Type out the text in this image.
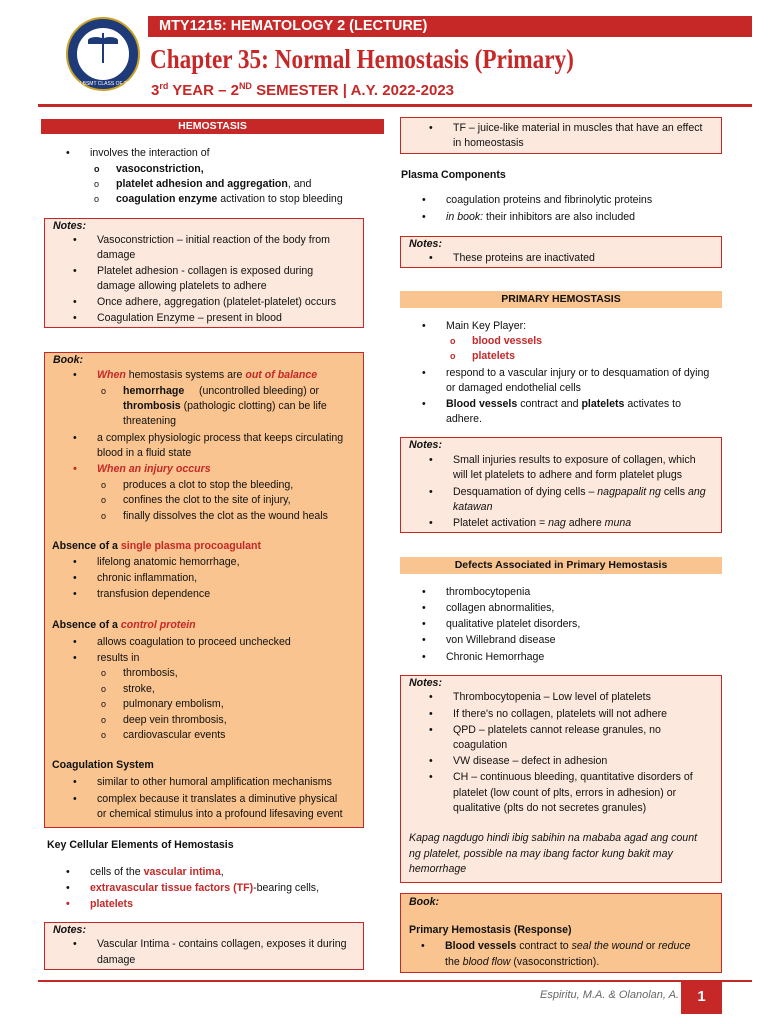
PSU BSMT CLASS OF 2024
MTY1215: HEMATOLOGY 2 (LECTURE)
Chapter 35: Normal Hemostasis (Primary)
3rd YEAR – 2ND SEMESTER | A.Y. 2022-2023
HEMOSTASIS
• involves the interaction of
o vasoconstriction,
o platelet adhesion and aggregation, and
o coagulation enzyme activation to stop bleeding
Notes:
• Vasoconstriction – initial reaction of the body from
damage
• Platelet adhesion - collagen is exposed during
damage allowing platelets to adhere
• Once adhere, aggregation (platelet-platelet) occurs
• Coagulation Enzyme – present in blood
Book:
• When hemostasis systems are out of balance
o hemorrhage (uncontrolled bleeding) or
thrombosis (pathologic clotting) can be life
threatening
• a complex physiologic process that keeps circulating
blood in a fluid state
• When an injury occurs
o produces a clot to stop the bleeding,
o confines the clot to the site of injury,
o finally dissolves the clot as the wound heals
Absence of a single plasma procoagulant
• lifelong anatomic hemorrhage,
• chronic inflammation,
• transfusion dependence
Absence of a control protein
• allows coagulation to proceed unchecked
• results in
o thrombosis,
o stroke,
o pulmonary embolism,
o deep vein thrombosis,
o cardiovascular events
Coagulation System
• similar to other humoral amplification mechanisms
• complex because it translates a diminutive physical
or chemical stimulus into a profound lifesaving event
Key Cellular Elements of Hemostasis
• cells of the vascular intima,
• extravascular tissue factors (TF)-bearing cells,
• platelets
Notes:
• Vascular Intima - contains collagen, exposes it during
damage
• TF – juice-like material in muscles that have an effect
in homeostasis
Plasma Components
• coagulation proteins and fibrinolytic proteins
• in book: their inhibitors are also included
Notes:
• These proteins are inactivated
PRIMARY HEMOSTASIS
• Main Key Player:
o blood vessels
o platelets
• respond to a vascular injury or to desquamation of dying
or damaged endothelial cells
• Blood vessels contract and platelets activates to
adhere.
Notes:
• Small injuries results to exposure of collagen, which
will let platelets to adhere and form platelet plugs
• Desquamation of dying cells – nagpapalit ng cells ang
katawan
• Platelet activation = nag adhere muna
Defects Associated in Primary Hemostasis
• thrombocytopenia
• collagen abnormalities,
• qualitative platelet disorders,
• von Willebrand disease
• Chronic Hemorrhage
Notes:
• Thrombocytopenia – Low level of platelets
• If there's no collagen, platelets will not adhere
• QPD – platelets cannot release granules, no
coagulation
• VW disease – defect in adhesion
• CH – continuous bleeding, quantitative disorders of
platelet (low count of plts, errors in adhesion) or
qualitative (plts do not secretes granules)
Kapag nagdugo hindi ibig sabihin na mababa agad ang count
ng platelet, possible na may ibang factor kung bakit may
hemorrhage
Book:
Primary Hemostasis (Response)
• Blood vessels contract to seal the wound or reduce
the blood flow (vasoconstriction).
Espiritu, M.A. & Olanolan, A.	1
